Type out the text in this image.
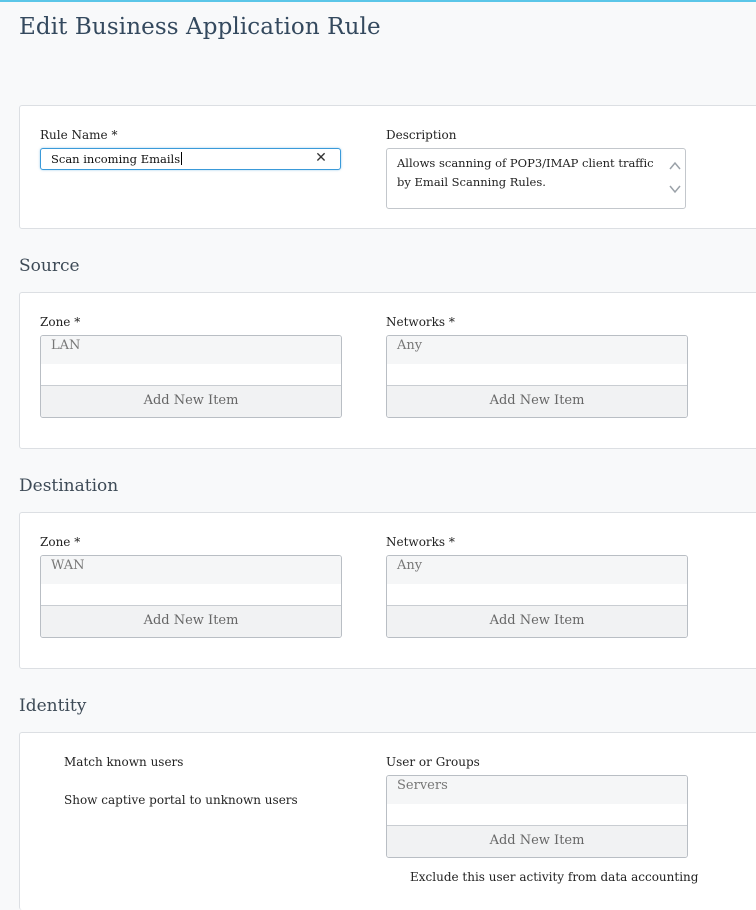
Edit Business Application Rule
Rule Name *
Scan incoming Emails	✕
Description
Allows scanning of POP3/IMAP client traffic by Email Scanning Rules.
Source
Zone *
LAN
Add New Item
Networks *
Any
Add New Item
Destination
Zone *
WAN
Add New Item
Networks *
Any
Add New Item
Identity
Match known users
Show captive portal to unknown users
User or Groups
Servers
Add New Item
Exclude this user activity from data accounting
